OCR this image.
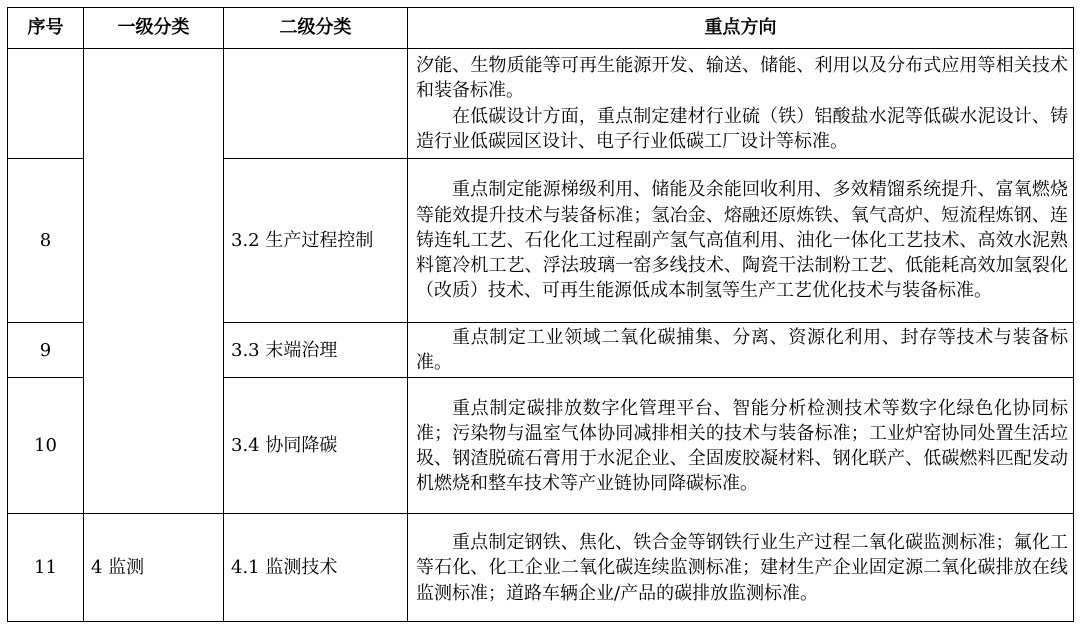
序号	一级分类	二级分类	重点方向

			汐能、生物质能等可再生能源开发、输送、储能、利用以及分布式应用等相关技术和装备标准。

在低碳设计方面，重点制定建材行业硫（铁）铝酸盐水泥等低碳水泥设计、铸造行业低碳园区设计、电子行业低碳工厂设计等标准。

8		3.2 生产过程控制	重点制定能源梯级利用、储能及余能回收利用、多效精馏系统提升、富氧燃烧等能效提升技术与装备标准；氢冶金、熔融还原炼铁、氧气高炉、短流程炼钢、连铸连轧工艺、石化化工过程副产氢气高值利用、油化一体化工艺技术、高效水泥熟料篦冷机工艺、浮法玻璃一窑多线技术、陶瓷干法制粉工艺、低能耗高效加氢裂化（改质）技术、可再生能源低成本制氢等生产工艺优化技术与装备标准。

9		3.3 末端治理	重点制定工业领域二氧化碳捕集、分离、资源化利用、封存等技术与装备标准。

10		3.4 协同降碳	重点制定碳排放数字化管理平台、智能分析检测技术等数字化绿色化协同标准；污染物与温室气体协同减排相关的技术与装备标准；工业炉窑协同处置生活垃圾、钢渣脱硫石膏用于水泥企业、全固废胶凝材料、钢化联产、低碳燃料匹配发动机燃烧和整车技术等产业链协同降碳标准。

11	4 监测	4.1 监测技术	重点制定钢铁、焦化、铁合金等钢铁行业生产过程二氧化碳监测标准；氟化工等石化、化工企业二氧化碳连续监测标准；建材生产企业固定源二氧化碳排放在线监测标准；道路车辆企业/产品的碳排放监测标准。
